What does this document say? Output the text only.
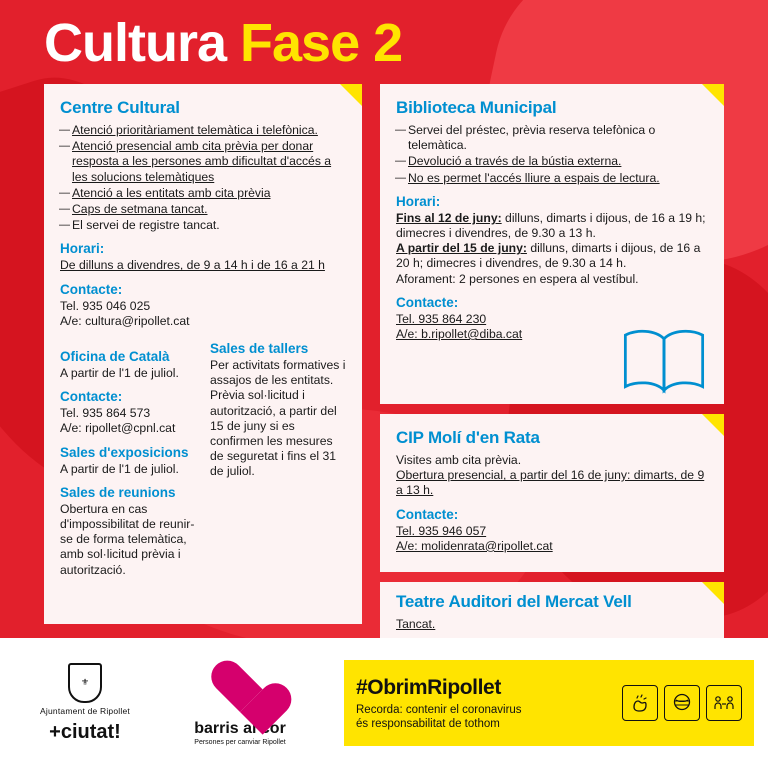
Cultura Fase 2
Centre Cultural
— Atenció prioritàriament telemàtica i telefònica.
— Atenció presencial amb cita prèvia per donar resposta a les persones amb dificultat d'accés a les solucions telemàtiques
— Atenció a les entitats amb cita prèvia
— Caps de setmana tancat.
— El servei de registre tancat.
Horari:

De dilluns a divendres, de 9 a 14 h i de 16 a 21 h

Contacte:

Tel. 935 046 025

A/e: cultura@ripollet.cat

Oficina de Català

A partir de l'1 de juliol.

Contacte:

Tel. 935 864 573

A/e: ripollet@cpnl.cat

Sales d'exposicions

A partir de l'1 de juliol.

Sales de reunions

Obertura en cas d'impossibilitat de reunir-se de forma telemàtica, amb sol·licitud prèvia i autorització.

Sales de tallers

Per activitats formatives i assajos de les entitats. Prèvia sol·licitud i autorització, a partir del 15 de juny si es confirmen les mesures de seguretat i fins el 31 de juliol.

Biblioteca Municipal
— Servei del préstec, prèvia reserva telefònica o telemàtica.
— Devolució a través de la bústia externa.
— No es permet l'accés lliure a espais de lectura.
Horari:

Fins al 12 de juny: dilluns, dimarts i dijous, de 16 a 19 h; dimecres i divendres, de 9.30 a 13 h.

A partir del 15 de juny: dilluns, dimarts i dijous, de 16 a 20 h; dimecres i divendres, de 9.30 a 14 h.

Aforament: 2 persones en espera al vestíbul.

Contacte:

Tel. 935 864 230

A/e: b.ripollet@diba.cat

CIP Molí d'en Rata

Visites amb cita prèvia.

Obertura presencial, a partir del 16 de juny: dimarts, de 9 a 13 h.

Contacte:

Tel. 935 946 057

A/e: molidenrata@ripollet.cat

Teatre Auditori del Mercat Vell

Tancat.

⚜
Ajuntament de Ripollet
+ciutat!	barris al cor
Persones per canviar Ripollet
#ObrimRipollet
Recorda: contenir el coronavirus
és responsabilitat de tothom
